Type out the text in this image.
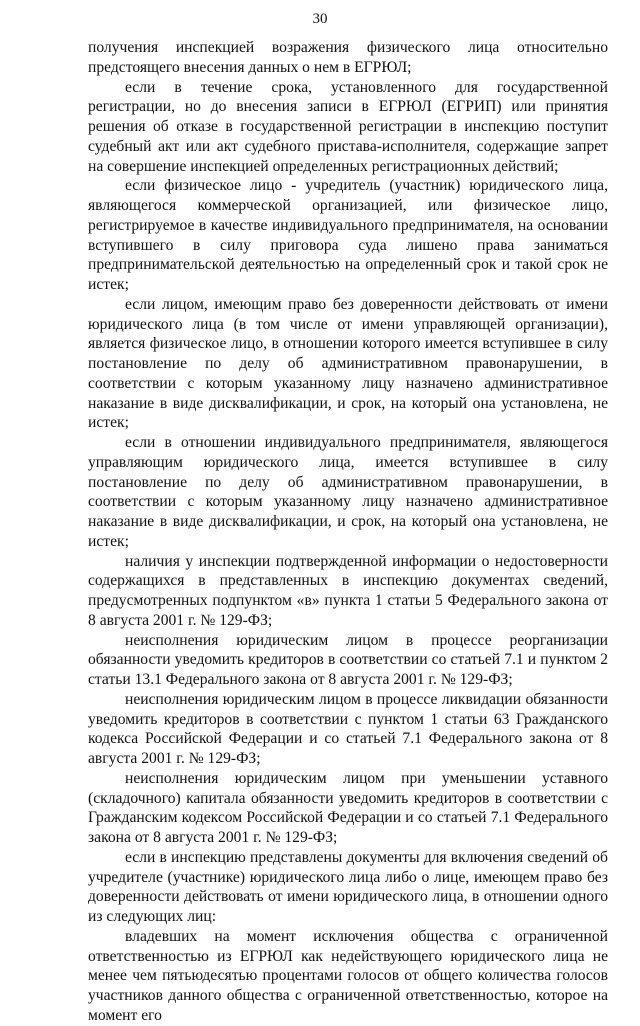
30

получения инспекцией возражения физического лица относительно предстоящего внесения данных о нем в ЕГРЮЛ;

если в течение срока, установленного для государственной регистрации, но до внесения записи в ЕГРЮЛ (ЕГРИП) или принятия решения об отказе в государственной регистрации в инспекцию поступит судебный акт или акт судебного пристава-исполнителя, содержащие запрет на совершение инспекцией определенных регистрационных действий;

если физическое лицо - учредитель (участник) юридического лица, являющегося коммерческой организацией, или физическое лицо, регистрируемое в качестве индивидуального предпринимателя, на основании вступившего в силу приговора суда лишено права заниматься предпринимательской деятельностью на определенный срок и такой срок не истек;

если лицом, имеющим право без доверенности действовать от имени юридического лица (в том числе от имени управляющей организации), является физическое лицо, в отношении которого имеется вступившее в силу постановление по делу об административном правонарушении, в соответствии с которым указанному лицу назначено административное наказание в виде дисквалификации, и срок, на который она установлена, не истек;

если в отношении индивидуального предпринимателя, являющегося управляющим юридического лица, имеется вступившее в силу постановление по делу об административном правонарушении, в соответствии с которым указанному лицу назначено административное наказание в виде дисквалификации, и срок, на который она установлена, не истек;

наличия у инспекции подтвержденной информации о недостоверности содержащихся в представленных в инспекцию документах сведений, предусмотренных подпунктом «в» пункта 1 статьи 5 Федерального закона от 8 августа 2001 г. № 129-ФЗ;

неисполнения юридическим лицом в процессе реорганизации обязанности уведомить кредиторов в соответствии со статьей 7.1 и пунктом 2 статьи 13.1 Федерального закона от 8 августа 2001 г. № 129-ФЗ;

неисполнения юридическим лицом в процессе ликвидации обязанности уведомить кредиторов в соответствии с пунктом 1 статьи 63 Гражданского кодекса Российской Федерации и со статьей 7.1 Федерального закона от 8 августа 2001 г. № 129-ФЗ;

неисполнения юридическим лицом при уменьшении уставного (складочного) капитала обязанности уведомить кредиторов в соответствии с Гражданским кодексом Российской Федерации и со статьей 7.1 Федерального закона от 8 августа 2001 г. № 129-ФЗ;

если в инспекцию представлены документы для включения сведений об учредителе (участнике) юридического лица либо о лице, имеющем право без доверенности действовать от имени юридического лица, в отношении одного из следующих лиц:

владевших на момент исключения общества с ограниченной ответственностью из ЕГРЮЛ как недействующего юридического лица не менее чем пятьюдесятью процентами голосов от общего количества голосов участников данного общества с ограниченной ответственностью, которое на момент его
